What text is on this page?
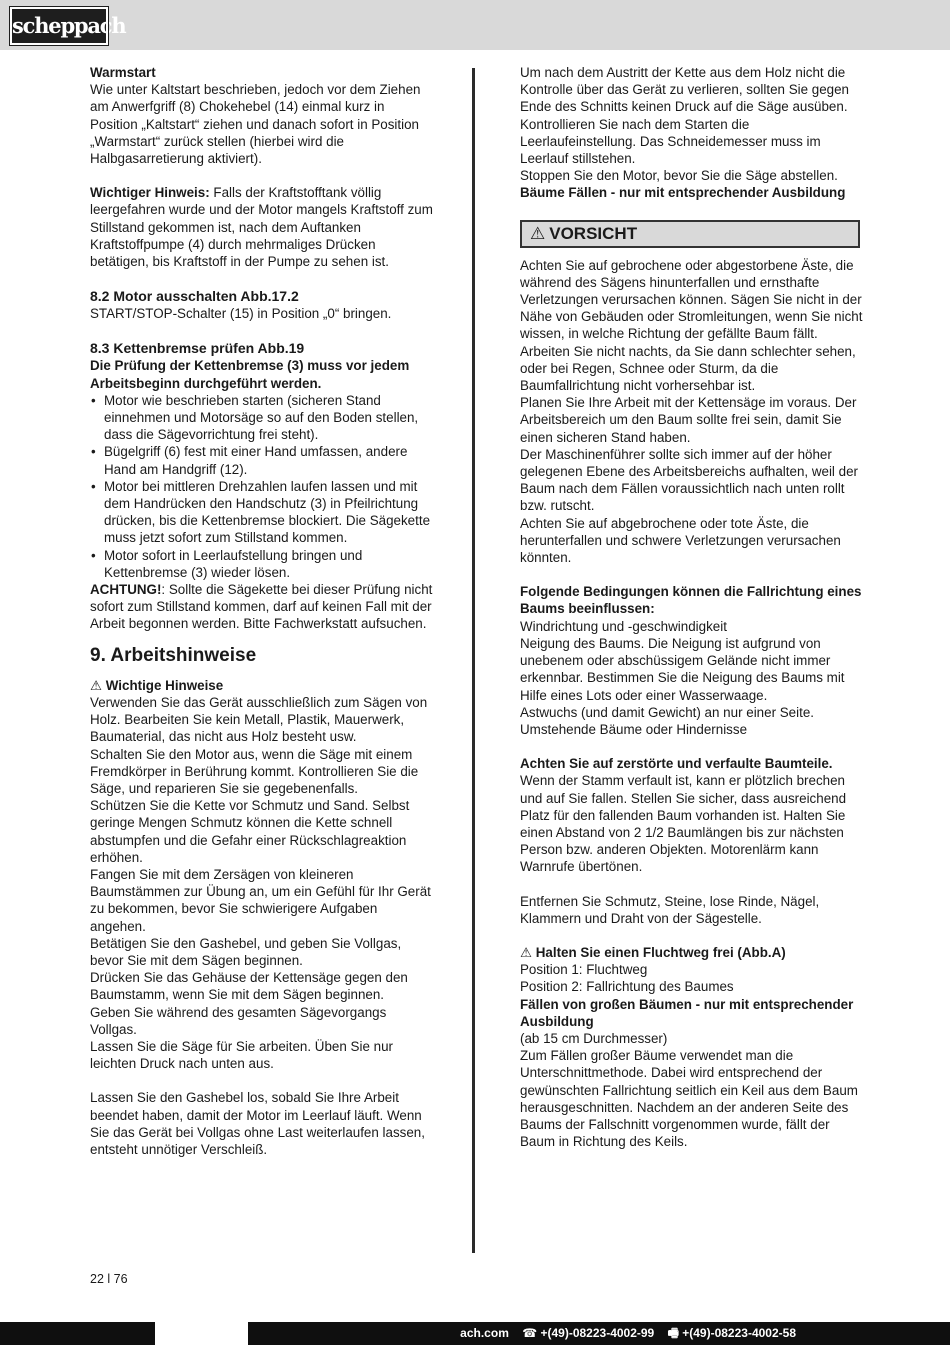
scheppach

Warmstart

Wie unter Kaltstart beschrieben, jedoch vor dem Ziehen am Anwerfgriff (8) Chokehebel (14) einmal kurz in Position „Kaltstart“ ziehen und danach sofort in Position „Warmstart“ zurück stellen (hierbei wird die Halbgasarretierung aktiviert).

Wichtiger Hinweis: Falls der Kraftstofftank völlig leergefahren wurde und der Motor mangels Kraftstoff zum Stillstand gekommen ist, nach dem Auftanken Kraftstoffpumpe (4) durch mehrmaliges Drücken betätigen, bis Kraftstoff in der Pumpe zu sehen ist.

8.2 Motor ausschalten Abb.17.2

START/STOP-Schalter (15) in Position „0“ bringen.

8.3 Kettenbremse prüfen Abb.19

Die Prüfung der Kettenbremse (3) muss vor jedem Arbeitsbeginn durchgeführt werden.

• Motor wie beschrieben starten (sicheren Stand einnehmen und Motorsäge so auf den Boden stellen, dass die Sägevorrichtung frei steht).
• Bügelgriff (6) fest mit einer Hand umfassen, andere Hand am Handgriff (12).
• Motor bei mittleren Drehzahlen laufen lassen und mit dem Handrücken den Handschutz (3) in Pfeilrichtung drücken, bis die Kettenbremse blockiert. Die Sägekette muss jetzt sofort zum Stillstand kommen.
• Motor sofort in Leerlaufstellung bringen und Kettenbremse (3) wieder lösen.

ACHTUNG!: Sollte die Sägekette bei dieser Prüfung nicht sofort zum Stillstand kommen, darf auf keinen Fall mit der Arbeit begonnen werden. Bitte Fachwerkstatt aufsuchen.

9. Arbeitshinweise

⚠ Wichtige Hinweise

Verwenden Sie das Gerät ausschließlich zum Sägen von Holz. Bearbeiten Sie kein Metall, Plastik, Mauerwerk, Baumaterial, das nicht aus Holz besteht usw.

Schalten Sie den Motor aus, wenn die Säge mit einem Fremdkörper in Berührung kommt. Kontrollieren Sie die Säge, und reparieren Sie sie gegebenenfalls.

Schützen Sie die Kette vor Schmutz und Sand. Selbst geringe Mengen Schmutz können die Kette schnell abstumpfen und die Gefahr einer Rückschlagreaktion erhöhen.

Fangen Sie mit dem Zersägen von kleineren Baumstämmen zur Übung an, um ein Gefühl für Ihr Gerät zu bekommen, bevor Sie schwierigere Aufgaben angehen.

Betätigen Sie den Gashebel, und geben Sie Vollgas, bevor Sie mit dem Sägen beginnen.

Drücken Sie das Gehäuse der Kettensäge gegen den Baumstamm, wenn Sie mit dem Sägen beginnen.

Geben Sie während des gesamten Sägevorgangs Vollgas.

Lassen Sie die Säge für Sie arbeiten. Üben Sie nur leichten Druck nach unten aus.

Lassen Sie den Gashebel los, sobald Sie Ihre Arbeit beendet haben, damit der Motor im Leerlauf läuft. Wenn Sie das Gerät bei Vollgas ohne Last weiterlaufen lassen, entsteht unnötiger Verschleiß.

Um nach dem Austritt der Kette aus dem Holz nicht die Kontrolle über das Gerät zu verlieren, sollten Sie gegen Ende des Schnitts keinen Druck auf die Säge ausüben.

Kontrollieren Sie nach dem Starten die Leerlaufeinstellung. Das Schneidemesser muss im Leerlauf stillstehen.

Stoppen Sie den Motor, bevor Sie die Säge abstellen.

Bäume Fällen - nur mit entsprechender Ausbildung

⚠ VORSICHT

Achten Sie auf gebrochene oder abgestorbene Äste, die während des Sägens hinunterfallen und ernsthafte Verletzungen verursachen können. Sägen Sie nicht in der Nähe von Gebäuden oder Stromleitungen, wenn Sie nicht wissen, in welche Richtung der gefällte Baum fällt. Arbeiten Sie nicht nachts, da Sie dann schlechter sehen, oder bei Regen, Schnee oder Sturm, da die Baumfallrichtung nicht vorhersehbar ist.

Planen Sie Ihre Arbeit mit der Kettensäge im voraus. Der Arbeitsbereich um den Baum sollte frei sein, damit Sie einen sicheren Stand haben.

Der Maschinenführer sollte sich immer auf der höher gelegenen Ebene des Arbeitsbereichs aufhalten, weil der Baum nach dem Fällen voraussichtlich nach unten rollt bzw. rutscht.

Achten Sie auf abgebrochene oder tote Äste, die herunterfallen und schwere Verletzungen verursachen könnten.

Folgende Bedingungen können die Fallrichtung eines Baums beeinflussen:

Windrichtung und -geschwindigkeit

Neigung des Baums. Die Neigung ist aufgrund von unebenem oder abschüssigem Gelände nicht immer erkennbar. Bestimmen Sie die Neigung des Baums mit Hilfe eines Lots oder einer Wasserwaage.

Astwuchs (und damit Gewicht) an nur einer Seite.

Umstehende Bäume oder Hindernisse

Achten Sie auf zerstörte und verfaulte Baumteile. Wenn der Stamm verfault ist, kann er plötzlich brechen und auf Sie fallen. Stellen Sie sicher, dass ausreichend Platz für den fallenden Baum vorhanden ist. Halten Sie einen Abstand von 2 1/2 Baumlängen bis zur nächsten Person bzw. anderen Objekten. Motorenlärm kann Warnrufe übertönen.

Entfernen Sie Schmutz, Steine, lose Rinde, Nägel, Klammern und Draht von der Sägestelle.

⚠ Halten Sie einen Fluchtweg frei (Abb.A)

Position 1: Fluchtweg

Position 2: Fallrichtung des Baumes

Fällen von großen Bäumen - nur mit entsprechender Ausbildung

(ab 15 cm Durchmesser)

Zum Fällen großer Bäume verwendet man die Unterschnittmethode. Dabei wird entsprechend der gewünschten Fallrichtung seitlich ein Keil aus dem Baum herausgeschnitten. Nachdem an der anderen Seite des Baums der Fallschnitt vorgenommen wurde, fällt der Baum in Richtung des Keils.

22 l 76
ach.com ☎ +(49)-08223-4002-99 🖷 +(49)-08223-4002-58
